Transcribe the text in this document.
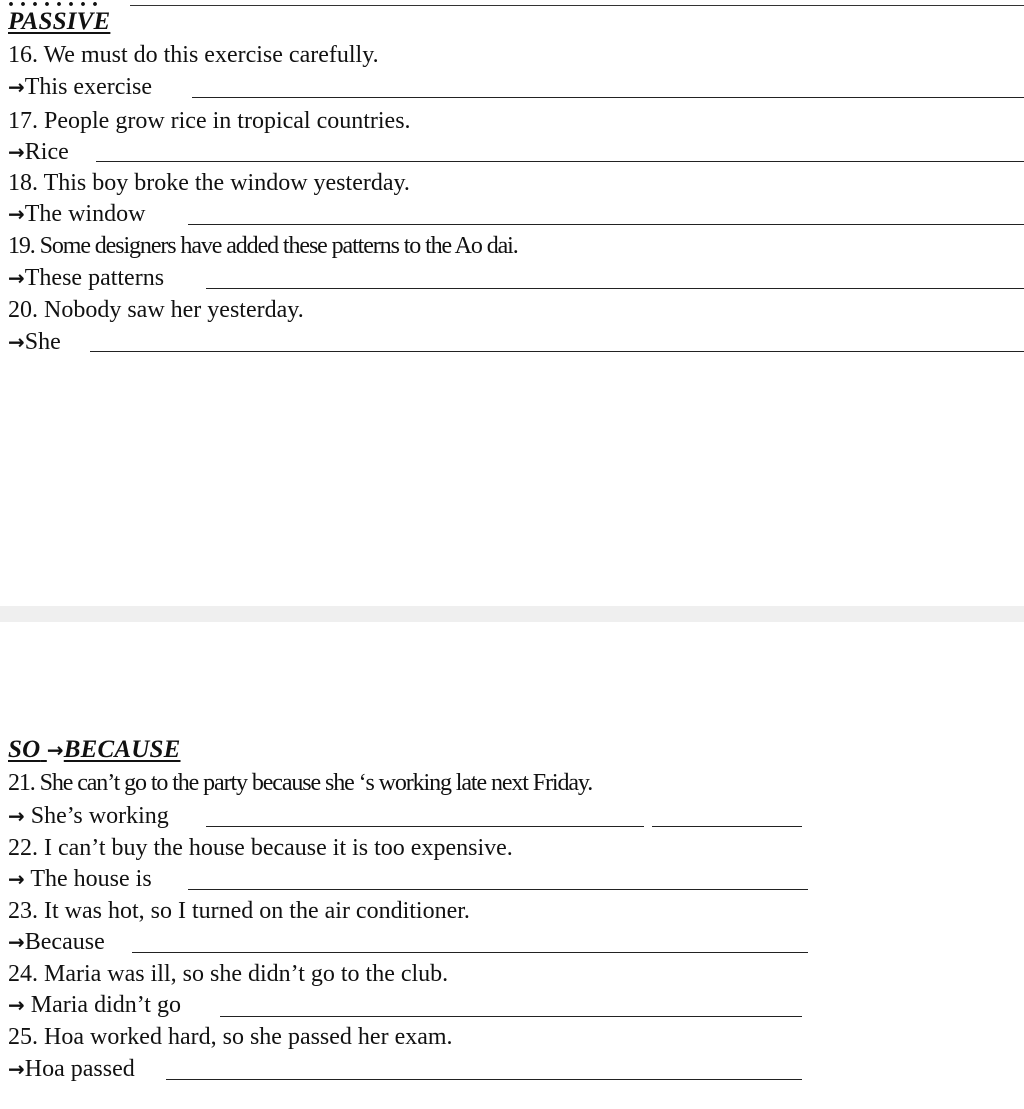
PASSIVE
16. We must do this exercise carefully.
→This exercise
17. People grow rice in tropical countries.
→Rice
18. This boy broke the window yesterday.
→The window
19. Some designers have added these patterns to the Ao dai.
→These patterns
20. Nobody saw her yesterday.
→She
SO →BECAUSE
21. She can’t go to the party because she ‘s working late next Friday.
→ She’s working
22. I can’t buy the house because it is too expensive.
→ The house is
23. It was hot, so I turned on the air conditioner.
→Because
24. Maria was ill, so she didn’t go to the club.
→ Maria didn’t go
25. Hoa worked hard, so she passed her exam.
→Hoa passed
